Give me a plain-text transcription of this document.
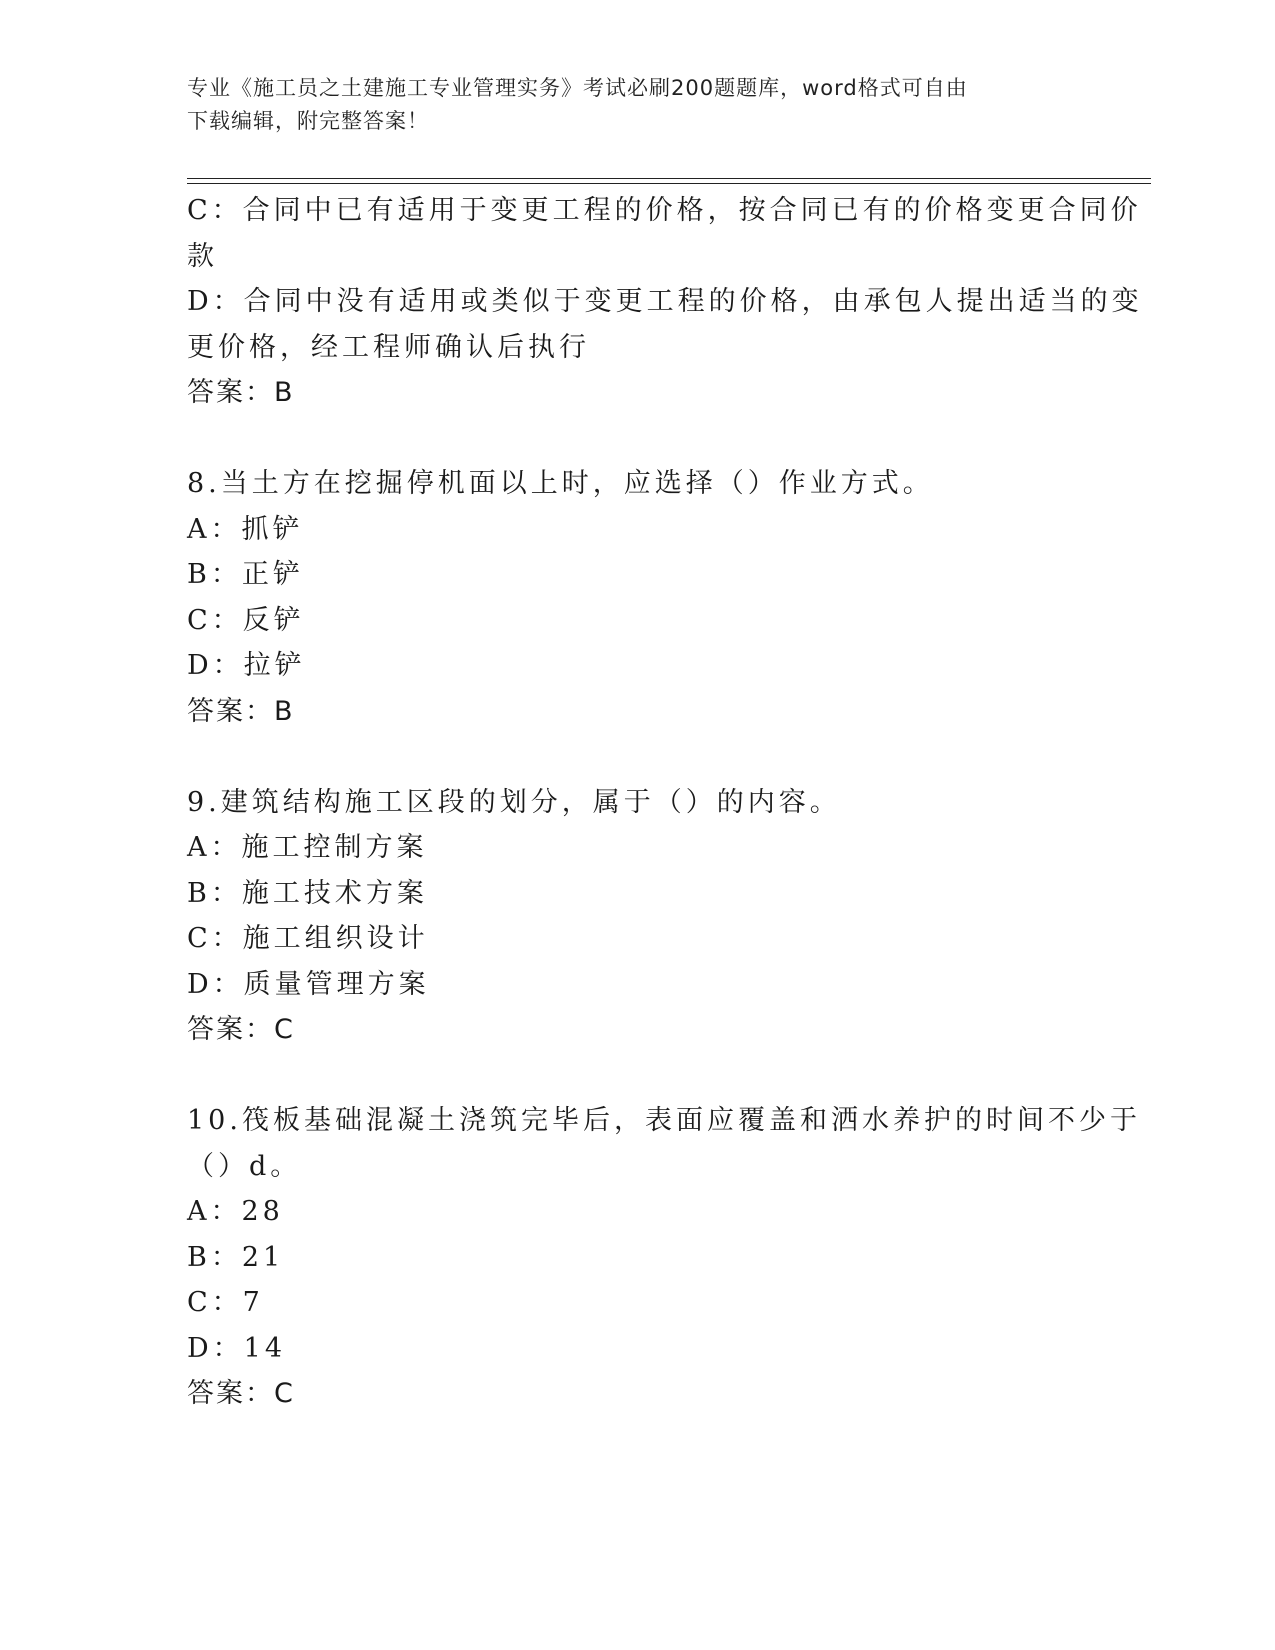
专业《施工员之土建施工专业管理实务》考试必刷200题题库，word格式可自由
下载编辑，附完整答案！
C：合同中已有适用于变更工程的价格，按合同已有的价格变更合同价
款
D：合同中没有适用或类似于变更工程的价格，由承包人提出适当的变
更价格，经工程师确认后执行
答案：B
8.当土方在挖掘停机面以上时，应选择（）作业方式。
A：抓铲
B：正铲
C：反铲
D：拉铲
答案：B
9.建筑结构施工区段的划分，属于（）的内容。
A：施工控制方案
B：施工技术方案
C：施工组织设计
D：质量管理方案
答案：C
10.筏板基础混凝土浇筑完毕后，表面应覆盖和洒水养护的时间不少于
（）d。
A：28
B：21
C：7
D：14
答案：C
